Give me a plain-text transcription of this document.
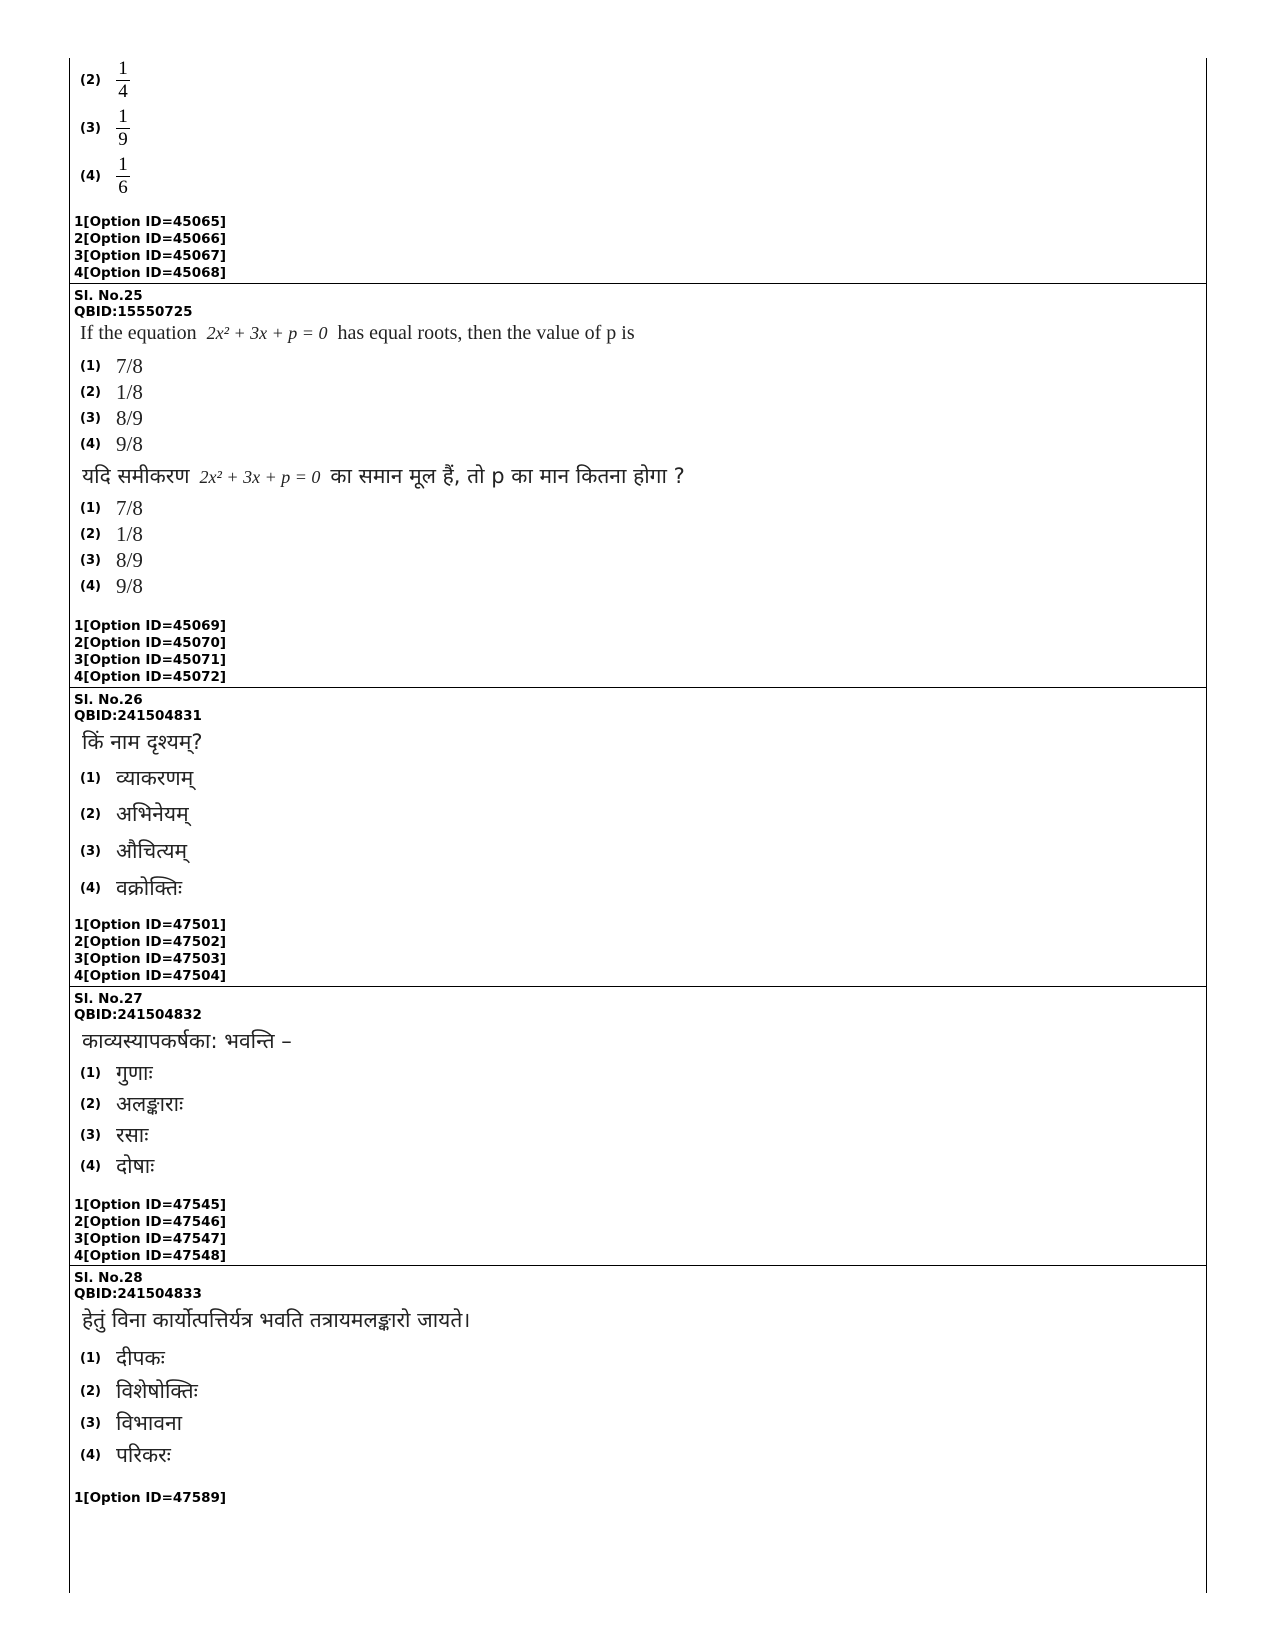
$(2) \frac{1}{4}$
$(3) \frac{1}{9}$
$(4) \frac{1}{6}$
1[Option ID=45065]
2[Option ID=45066]
3[Option ID=45067]
4[Option ID=45068]
Sl. No.25
QBID:15550725
If the equation 2x² + 3x + p = 0 has equal roots, then the value of p is
(1) 7/8
(2) 1/8
(3) 8/9
(4) 9/8
यदि समीकरण 2x² + 3x + p = 0 का समान मूल हैं, तो p का मान कितना होगा ?
(1) 7/8
(2) 1/8
(3) 8/9
(4) 9/8
1[Option ID=45069]
2[Option ID=45070]
3[Option ID=45071]
4[Option ID=45072]
Sl. No.26
QBID:241504831
किं नाम दृश्यम्?
(1) व्याकरणम्
(2) अभिनेयम्
(3) औचित्यम्
(4) वक्रोक्तिः
1[Option ID=47501]
2[Option ID=47502]
3[Option ID=47503]
4[Option ID=47504]
Sl. No.27
QBID:241504832
काव्यस्यापकर्षका: भवन्ति –
(1) गुणाः
(2) अलङ्काराः
(3) रसाः
(4) दोषाः
1[Option ID=47545]
2[Option ID=47546]
3[Option ID=47547]
4[Option ID=47548]
Sl. No.28
QBID:241504833
हेतुं विना कार्योत्पत्तिर्यत्र भवति तत्रायमलङ्कारो जायते।
(1) दीपकः
(2) विशेषोक्तिः
(3) विभावना
(4) परिकरः
1[Option ID=47589]
